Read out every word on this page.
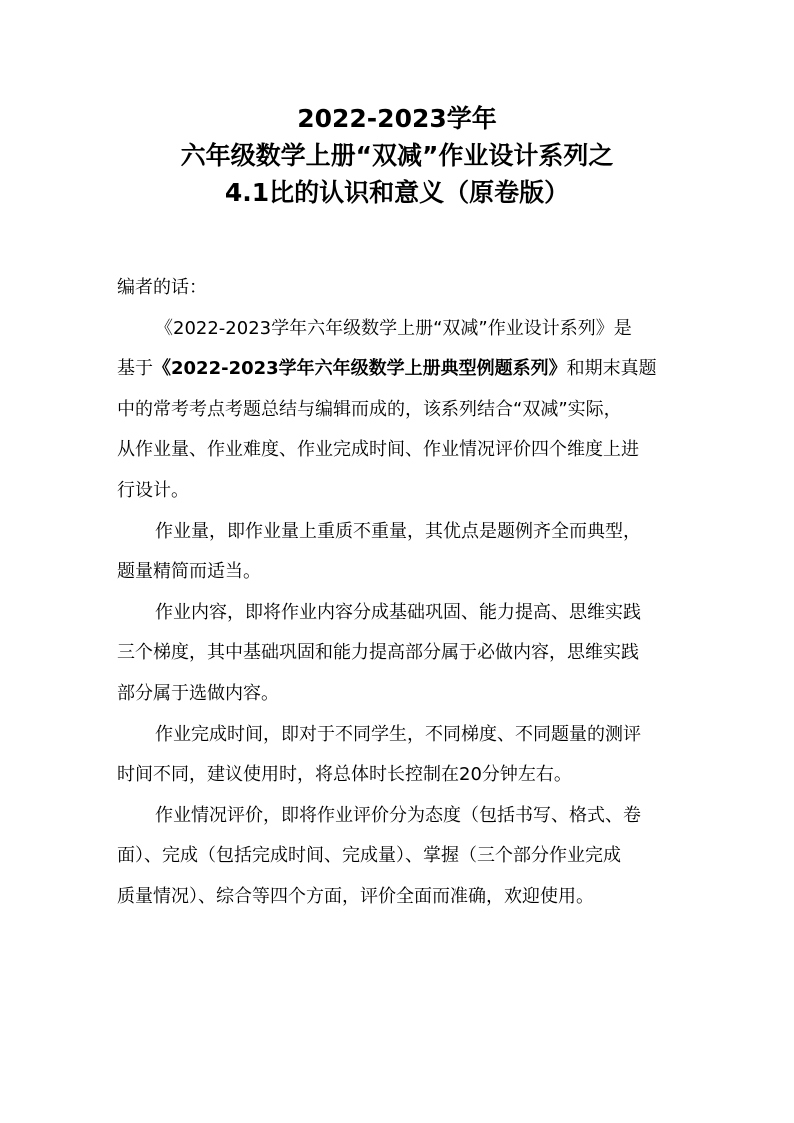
2022-2023学年
六年级数学上册“双减”作业设计系列之
4.1比的认识和意义（原卷版）
编者的话：
《2022-2023学年六年级数学上册“双减”作业设计系列》是
基于《2022-2023学年六年级数学上册典型例题系列》和期末真题
中的常考考点考题总结与编辑而成的，该系列结合“双减”实际，
从作业量、作业难度、作业完成时间、作业情况评价四个维度上进
行设计。
作业量，即作业量上重质不重量，其优点是题例齐全而典型，
题量精简而适当。
作业内容，即将作业内容分成基础巩固、能力提高、思维实践
三个梯度，其中基础巩固和能力提高部分属于必做内容，思维实践
部分属于选做内容。
作业完成时间，即对于不同学生，不同梯度、不同题量的测评
时间不同，建议使用时，将总体时长控制在20分钟左右。
作业情况评价，即将作业评价分为态度（包括书写、格式、卷
面）、完成（包括完成时间、完成量）、掌握（三个部分作业完成
质量情况）、综合等四个方面，评价全面而准确，欢迎使用。
